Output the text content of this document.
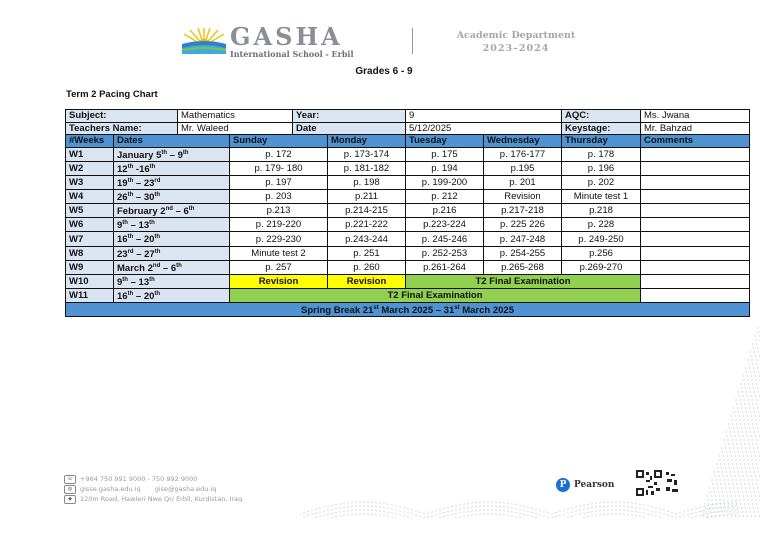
GASHA
International School - Erbil
Academic Department
2023–2024
Grades 6 - 9
Term 2 Pacing Chart
Subject:		Mathematics		Year:		9		AQC:	Ms. Jwana
Teachers Name:		Mr. Waleed		Date		5/12/2025		Keystage:	Mr. Bahzad
#Weeks	Dates		Sunday		Monday	Tuesday	Wednesday	Thursday	Comments
W1	January 5th – 9th		p. 172		p. 173-174	p. 175	p. 176-177	p. 178	
W2	12th -16th		p. 179- 180		p. 181-182	p. 194	p.195	p. 196	
W3	19th – 23rd		p. 197		p. 198	p. 199-200	p. 201	p. 202	
W4	26th – 30th		p. 203		p.211	p. 212	Revision	Minute test 1	
W5	February 2nd – 6th		p.213		p.214-215	p.216	p.217-218	p.218	
W6	9th – 13th		p. 219-220		p.221-222	p.223-224	p. 225 226	p. 228	
W7	16th – 20th		p. 229-230		p.243-244	p. 245-246	p. 247-248	p. 249-250	
W8	23rd – 27th		Minute test 2		p. 251	p. 252-253	p. 254-255	p.256	
W9	March 2nd – 6th		p. 257		p. 260	p.261-264	p.265-268	p.269-270	
W10	9th – 13th		Revision		Revision	T2 Final Examination			
W11	16th – 20th		T2 Final Examination						
Spring Break 21st March 2025 – 31st March 2025									
☏	+964 750 991 9000 - 750 992 9000
◍	gisse.gasha.edu.iq gise@gasha.edu.iq
◆	120m Road, Hawleri Nwe Qr/ Erbil, Kurdistan, Iraq
P Pearson
